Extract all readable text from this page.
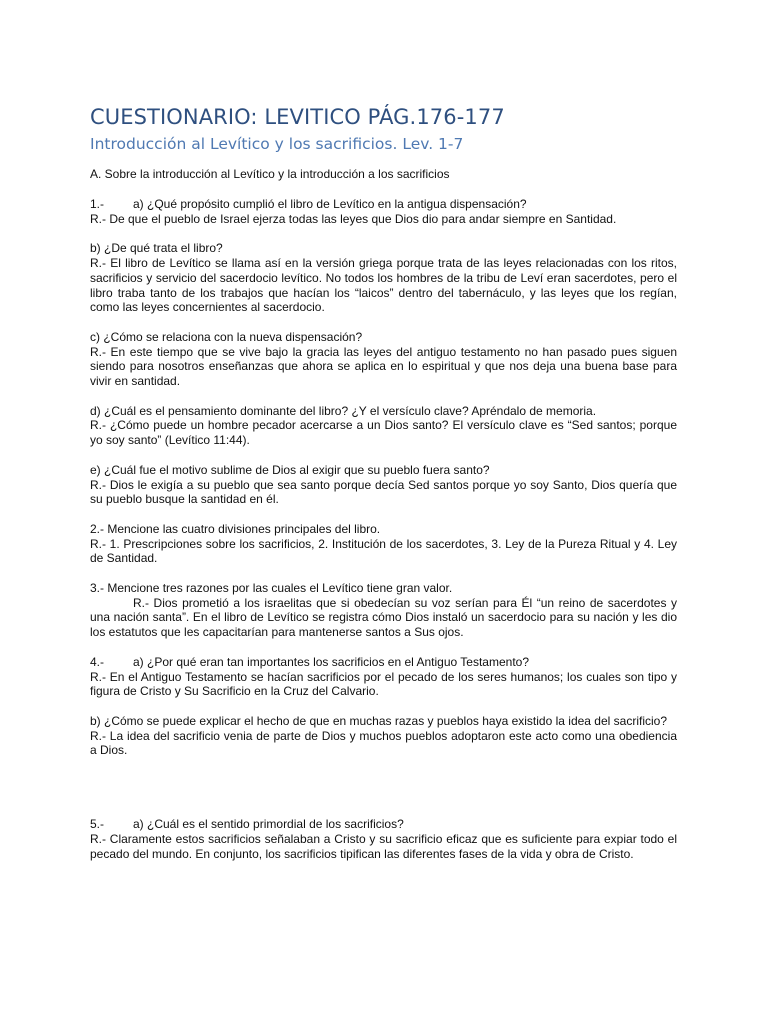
CUESTIONARIO: LEVITICO PÁG.176-177
Introducción al Levítico y los sacrificios. Lev. 1-7

A. Sobre la introducción al Levítico y la introducción a los sacrificios

1.- a) ¿Qué propósito cumplió el libro de Levítico en la antigua dispensación?

R.- De que el pueblo de Israel ejerza todas las leyes que Dios dio para andar siempre en Santidad.

b) ¿De qué trata el libro?

R.- El libro de Levítico se llama así en la versión griega porque trata de las leyes relacionadas con los ritos, sacrificios y servicio del sacerdocio levítico. No todos los hombres de la tribu de Leví eran sacerdotes, pero el libro traba tanto de los trabajos que hacían los “laicos” dentro del tabernáculo, y las leyes que los regían, como las leyes concernientes al sacerdocio.

c) ¿Cómo se relaciona con la nueva dispensación?

R.- En este tiempo que se vive bajo la gracia las leyes del antiguo testamento no han pasado pues siguen siendo para nosotros enseñanzas que ahora se aplica en lo espiritual y que nos deja una buena base para vivir en santidad.

d) ¿Cuál es el pensamiento dominante del libro? ¿Y el versículo clave? Apréndalo de memoria.

R.- ¿Cómo puede un hombre pecador acercarse a un Dios santo? El versículo clave es “Sed santos; porque yo soy santo” (Levítico 11:44).

e) ¿Cuál fue el motivo sublime de Dios al exigir que su pueblo fuera santo?

R.- Dios le exigía a su pueblo que sea santo porque decía Sed santos porque yo soy Santo, Dios quería que su pueblo busque la santidad en él.

2.- Mencione las cuatro divisiones principales del libro.

R.- 1. Prescripciones sobre los sacrificios, 2. Institución de los sacerdotes, 3. Ley de la Pureza Ritual y 4. Ley de Santidad.

3.- Mencione tres razones por las cuales el Levítico tiene gran valor.

R.- Dios prometió a los israelitas que si obedecían su voz serían para Él “un reino de sacerdotes y una nación santa”. En el libro de Levítico se registra cómo Dios instaló un sacerdocio para su nación y les dio los estatutos que les capacitarían para mantenerse santos a Sus ojos.

4.- a) ¿Por qué eran tan importantes los sacrificios en el Antiguo Testamento?

R.- En el Antiguo Testamento se hacían sacrificios por el pecado de los seres humanos; los cuales son tipo y figura de Cristo y Su Sacrificio en la Cruz del Calvario.

b) ¿Cómo se puede explicar el hecho de que en muchas razas y pueblos haya existido la idea del sacrificio?

R.- La idea del sacrificio venia de parte de Dios y muchos pueblos adoptaron este acto como una obediencia a Dios.

5.- a) ¿Cuál es el sentido primordial de los sacrificios?

R.- Claramente estos sacrificios señalaban a Cristo y su sacrificio eficaz que es suficiente para expiar todo el pecado del mundo. En conjunto, los sacrificios tipifican las diferentes fases de la vida y obra de Cristo.
